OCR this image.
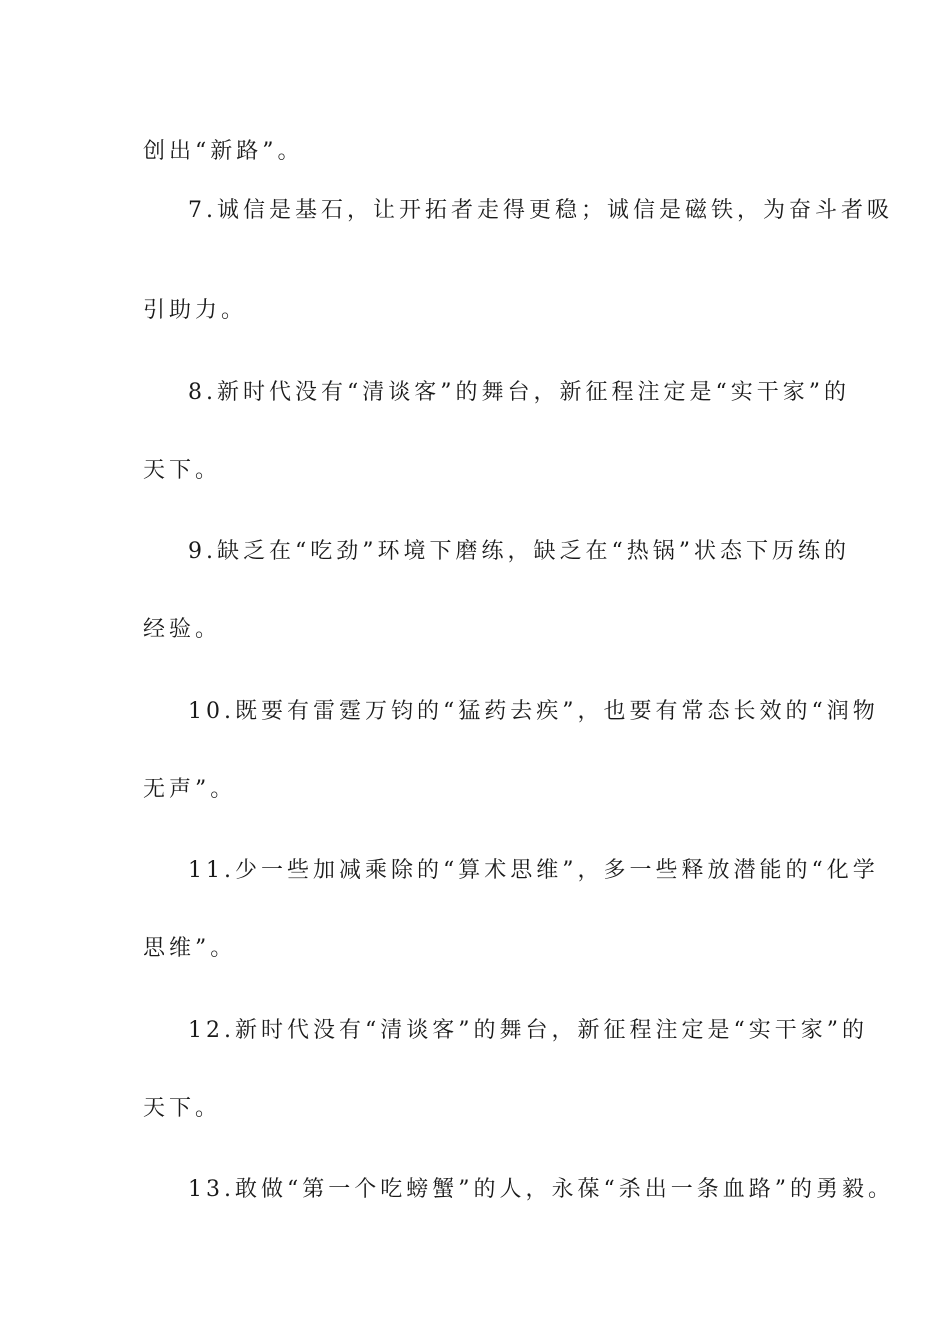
创出“新路”。
7.诚信是基石，让开拓者走得更稳；诚信是磁铁，为奋斗者吸
引助力。
8.新时代没有“清谈客”的舞台，新征程注定是“实干家”的
天下。
9.缺乏在“吃劲”环境下磨练，缺乏在“热锅”状态下历练的
经验。
10.既要有雷霆万钧的“猛药去疾”，也要有常态长效的“润物
无声”。
11.少一些加减乘除的“算术思维”，多一些释放潜能的“化学
思维”。
12.新时代没有“清谈客”的舞台，新征程注定是“实干家”的
天下。
13.敢做“第一个吃螃蟹”的人，永葆“杀出一条血路”的勇毅。
